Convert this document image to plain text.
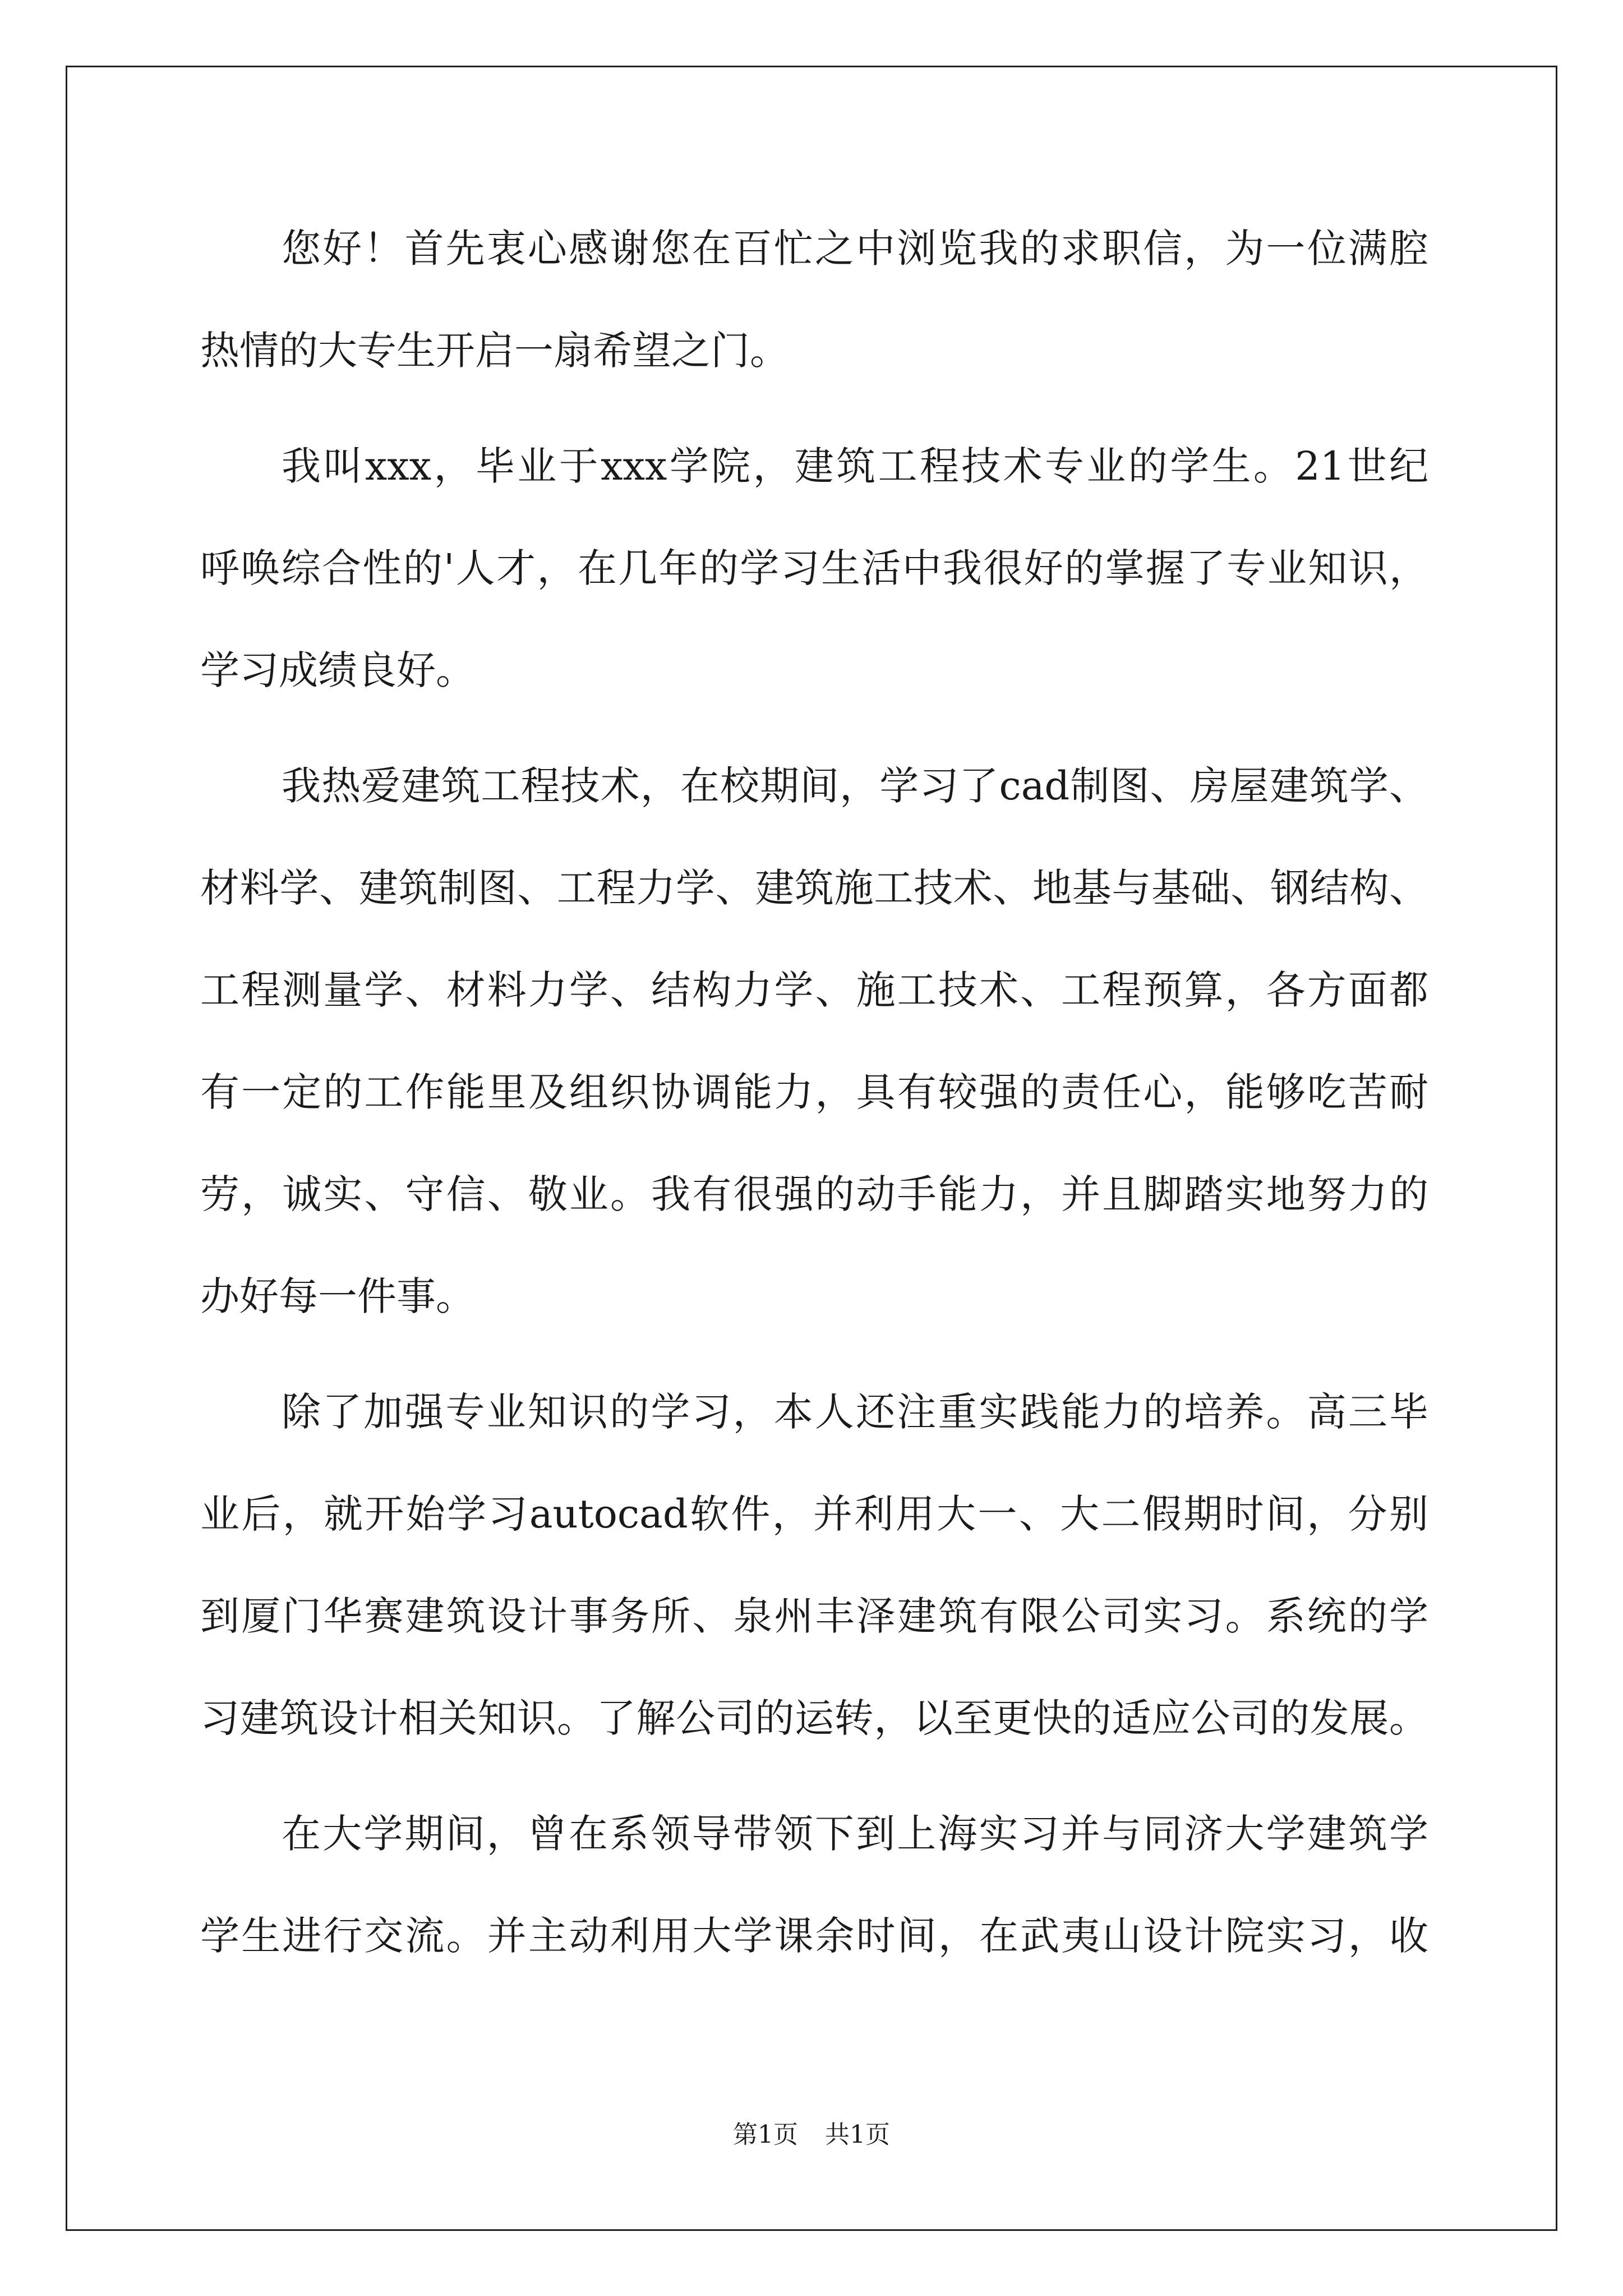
您好！首先衷心感谢您在百忙之中浏览我的求职信，为一位满腔
热情的大专生开启一扇希望之门。
我叫xxx，毕业于xxx学院，建筑工程技术专业的学生。21世纪
呼唤综合性的'人才，在几年的学习生活中我很好的掌握了专业知识，
学习成绩良好。
我热爱建筑工程技术，在校期间，学习了cad制图、房屋建筑学、
材料学、建筑制图、工程力学、建筑施工技术、地基与基础、钢结构、
工程测量学、材料力学、结构力学、施工技术、工程预算，各方面都
有一定的工作能里及组织协调能力，具有较强的责任心，能够吃苦耐
劳，诚实、守信、敬业。我有很强的动手能力，并且脚踏实地努力的
办好每一件事。
除了加强专业知识的学习，本人还注重实践能力的培养。高三毕
业后，就开始学习autocad软件，并利用大一、大二假期时间，分别
到厦门华赛建筑设计事务所、泉州丰泽建筑有限公司实习。系统的学
习建筑设计相关知识。了解公司的运转，以至更快的适应公司的发展。
在大学期间，曾在系领导带领下到上海实习并与同济大学建筑学
学生进行交流。并主动利用大学课余时间，在武夷山设计院实习，收
第1页 共1页
